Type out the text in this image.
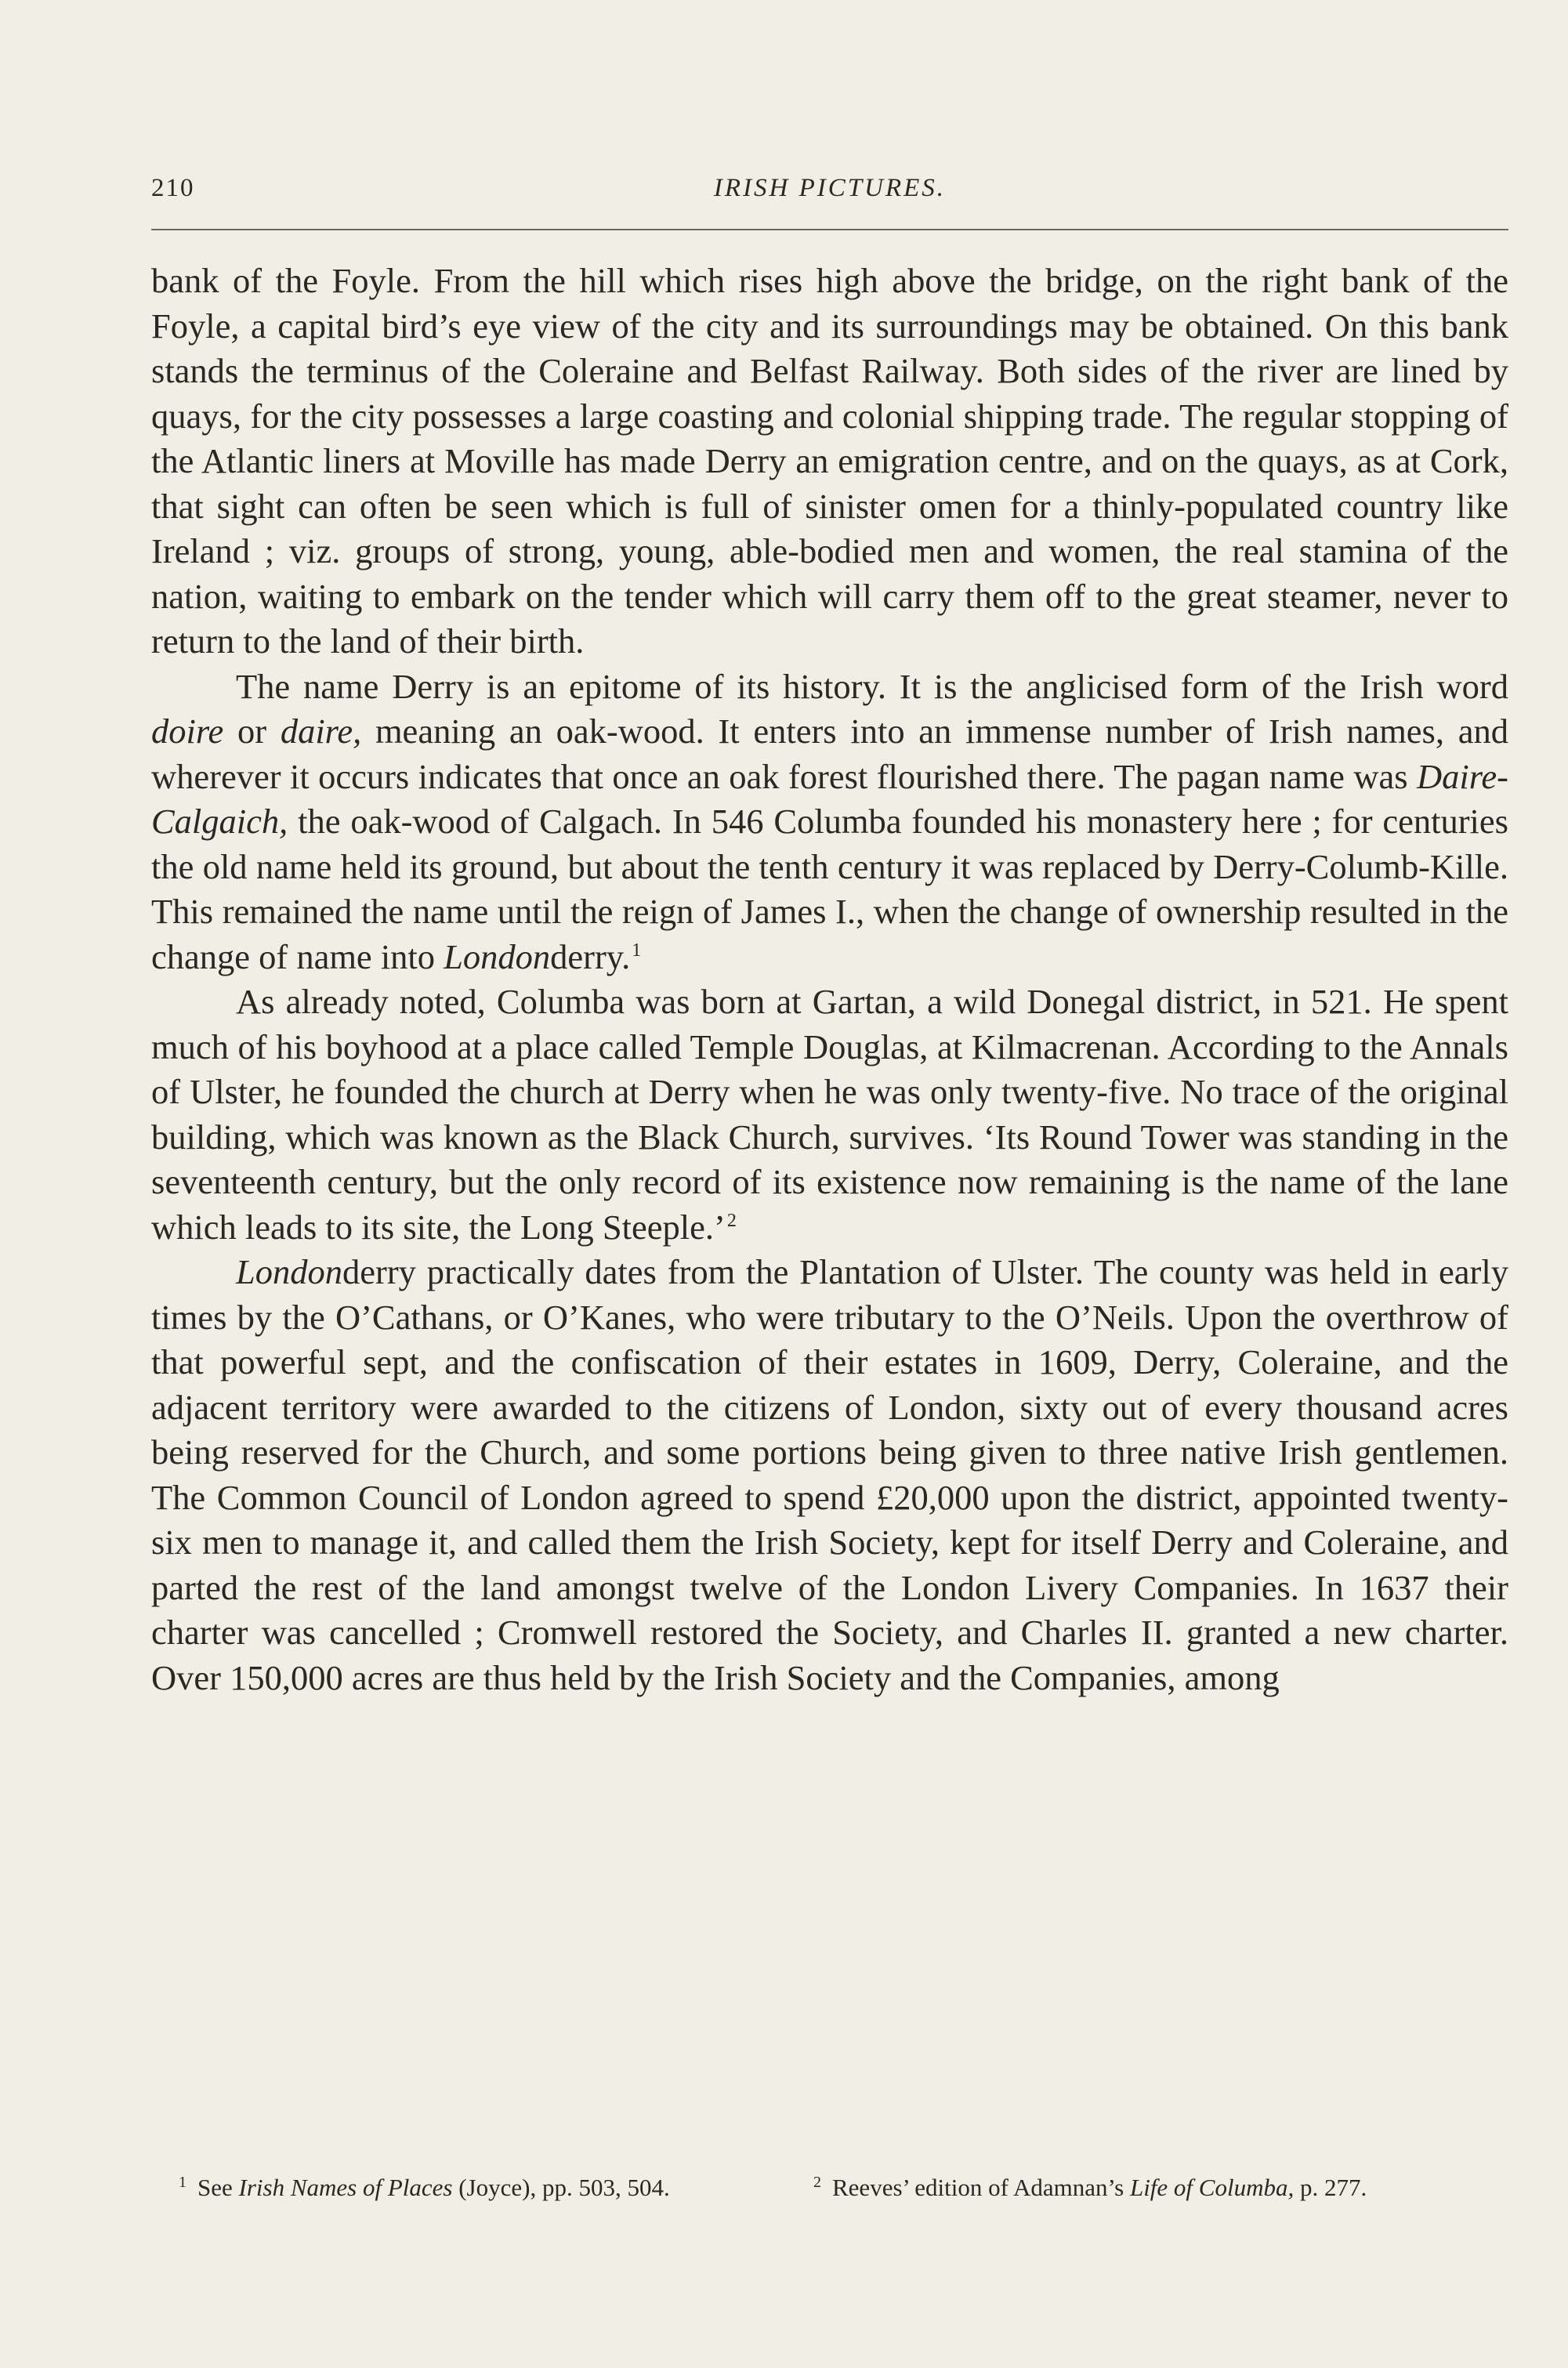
210	IRISH PICTURES.

bank of the Foyle. From the hill which rises high above the bridge, on the right bank of the Foyle, a capital bird’s eye view of the city and its surroundings may be obtained. On this bank stands the terminus of the Coleraine and Belfast Railway. Both sides of the river are lined by quays, for the city possesses a large coasting and colonial shipping trade. The regular stopping of the Atlantic liners at Moville has made Derry an emigration centre, and on the quays, as at Cork, that sight can often be seen which is full of sinister omen for a thinly-populated country like Ireland ; viz. groups of strong, young, able-bodied men and women, the real stamina of the nation, waiting to embark on the tender which will carry them off to the great steamer, never to return to the land of their birth.

The name Derry is an epitome of its history. It is the anglicised form of the Irish word doire or daire, meaning an oak-wood. It enters into an immense number of Irish names, and wherever it occurs indicates that once an oak forest flourished there. The pagan name was Daire-Calgaich, the oak-wood of Calgach. In 546 Columba founded his monastery here ; for centuries the old name held its ground, but about the tenth century it was replaced by Derry-Columb-Kille. This remained the name until the reign of James I., when the change of ownership resulted in the change of name into Londonderry.$^1$

As already noted, Columba was born at Gartan, a wild Donegal district, in 521. He spent much of his boyhood at a place called Temple Douglas, at Kilmacrenan. According to the Annals of Ulster, he founded the church at Derry when he was only twenty-five. No trace of the original building, which was known as the Black Church, survives. ‘Its Round Tower was standing in the seventeenth century, but the only record of its existence now remaining is the name of the lane which leads to its site, the Long Steeple.’$^2$

Londonderry practically dates from the Plantation of Ulster. The county was held in early times by the O’Cathans, or O’Kanes, who were tributary to the O’Neils. Upon the overthrow of that powerful sept, and the confiscation of their estates in 1609, Derry, Coleraine, and the adjacent territory were awarded to the citizens of London, sixty out of every thousand acres being reserved for the Church, and some portions being given to three native Irish gentlemen. The Common Council of London agreed to spend £20,000 upon the district, appointed twenty-six men to manage it, and called them the Irish Society, kept for itself Derry and Coleraine, and parted the rest of the land amongst twelve of the London Livery Companies. In 1637 their charter was cancelled ; Cromwell restored the Society, and Charles II. granted a new charter. Over 150,000 acres are thus held by the Irish Society and the Companies, among

$^1$ See Irish Names of Places (Joyce), pp. 503, 504.	$^2$ Reeves’ edition of Adamnan’s Life of Columba, p. 277.
